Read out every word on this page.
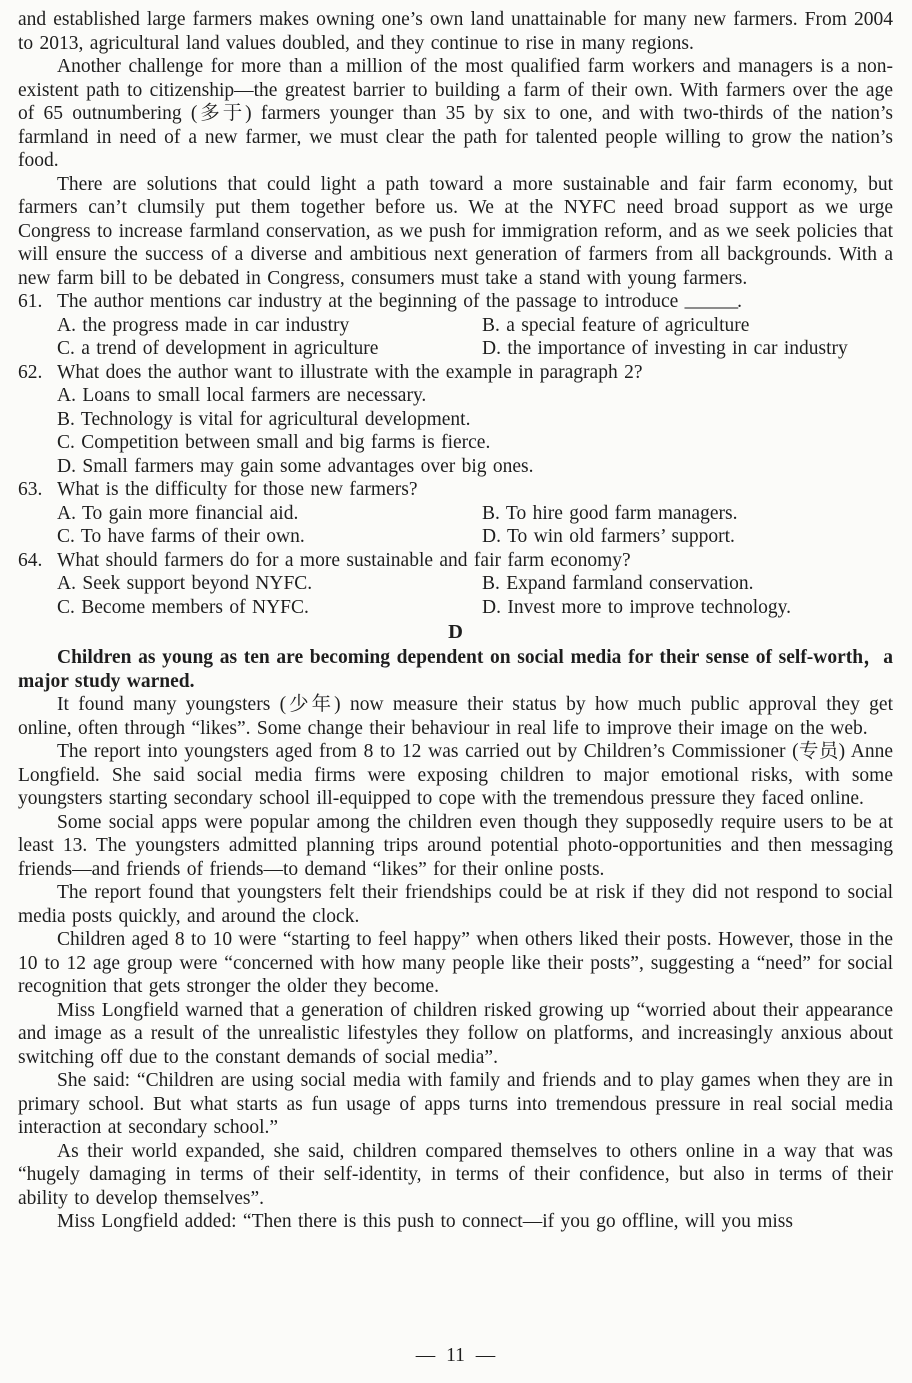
and established large farmers makes owning one’s own land unattainable for many new farmers. From 2004 to 2013, agricultural land values doubled, and they continue to rise in many regions.

Another challenge for more than a million of the most qualified farm workers and managers is a non-existent path to citizenship—the greatest barrier to building a farm of their own. With farmers over the age of 65 outnumbering (多于) farmers younger than 35 by six to one, and with two-thirds of the nation’s farmland in need of a new farmer, we must clear the path for talented people willing to grow the nation’s food.

There are solutions that could light a path toward a more sustainable and fair farm economy, but farmers can’t clumsily put them together before us. We at the NYFC need broad support as we urge Congress to increase farmland conservation, as we push for immigration reform, and as we seek policies that will ensure the success of a diverse and ambitious next generation of farmers from all backgrounds. With a new farm bill to be debated in Congress, consumers must take a stand with young farmers.

61. The author mentions car industry at the beginning of the passage to introduce ______.
A. the progress made in car industry	B. a special feature of agriculture
C. a trend of development in agriculture	D. the importance of investing in car industry
62. What does the author want to illustrate with the example in paragraph 2?
A. Loans to small local farmers are necessary.
B. Technology is vital for agricultural development.
C. Competition between small and big farms is fierce.
D. Small farmers may gain some advantages over big ones.
63. What is the difficulty for those new farmers?
A. To gain more financial aid.	B. To hire good farm managers.
C. To have farms of their own.	D. To win old farmers’ support.
64. What should farmers do for a more sustainable and fair farm economy?
A. Seek support beyond NYFC.	B. Expand farmland conservation.
C. Become members of NYFC.	D. Invest more to improve technology.
D

Children as young as ten are becoming dependent on social media for their sense of self-worth，a major study warned.

It found many youngsters (少年) now measure their status by how much public approval they get online, often through “likes”. Some change their behaviour in real life to improve their image on the web.

The report into youngsters aged from 8 to 12 was carried out by Children’s Commissioner (专员) Anne Longfield. She said social media firms were exposing children to major emotional risks, with some youngsters starting secondary school ill-equipped to cope with the tremendous pressure they faced online.

Some social apps were popular among the children even though they supposedly require users to be at least 13. The youngsters admitted planning trips around potential photo-opportunities and then messaging friends—and friends of friends—to demand “likes” for their online posts.

The report found that youngsters felt their friendships could be at risk if they did not respond to social media posts quickly, and around the clock.

Children aged 8 to 10 were “starting to feel happy” when others liked their posts. However, those in the 10 to 12 age group were “concerned with how many people like their posts”, suggesting a “need” for social recognition that gets stronger the older they become.

Miss Longfield warned that a generation of children risked growing up “worried about their appearance and image as a result of the unrealistic lifestyles they follow on platforms, and increasingly anxious about switching off due to the constant demands of social media”.

She said: “Children are using social media with family and friends and to play games when they are in primary school. But what starts as fun usage of apps turns into tremendous pressure in real social media interaction at secondary school.”

As their world expanded, she said, children compared themselves to others online in a way that was “hugely damaging in terms of their self-identity, in terms of their confidence, but also in terms of their ability to develop themselves”.

Miss Longfield added: “Then there is this push to connect—if you go offline, will you miss

— 11 —
